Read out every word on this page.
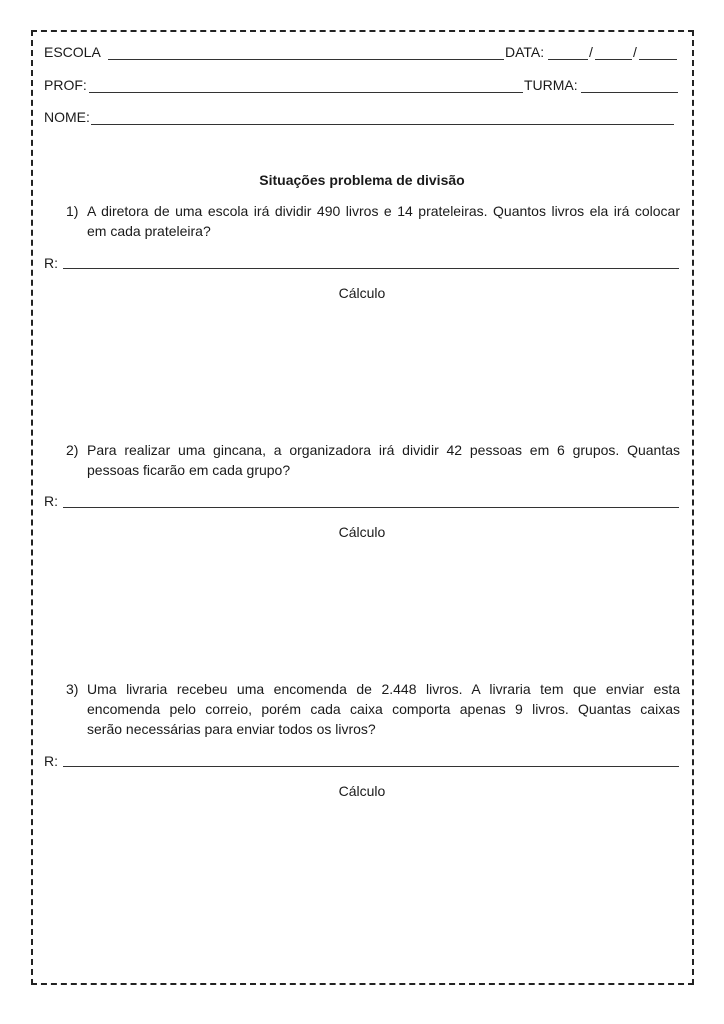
ESCOLA	DATA:	/	/
PROF:	TURMA:
NOME:
Situações problema de divisão
1) A diretora de uma escola irá dividir 490 livros e 14 prateleiras. Quantos livros ela irá colocar
em cada prateleira?
R:
Cálculo
2) Para realizar uma gincana, a organizadora irá dividir 42 pessoas em 6 grupos. Quantas
pessoas ficarão em cada grupo?
R:
Cálculo
3) Uma livraria recebeu uma encomenda de 2.448 livros. A livraria tem que enviar esta
encomenda pelo correio, porém cada caixa comporta apenas 9 livros. Quantas caixas
serão necessárias para enviar todos os livros?
R:
Cálculo
